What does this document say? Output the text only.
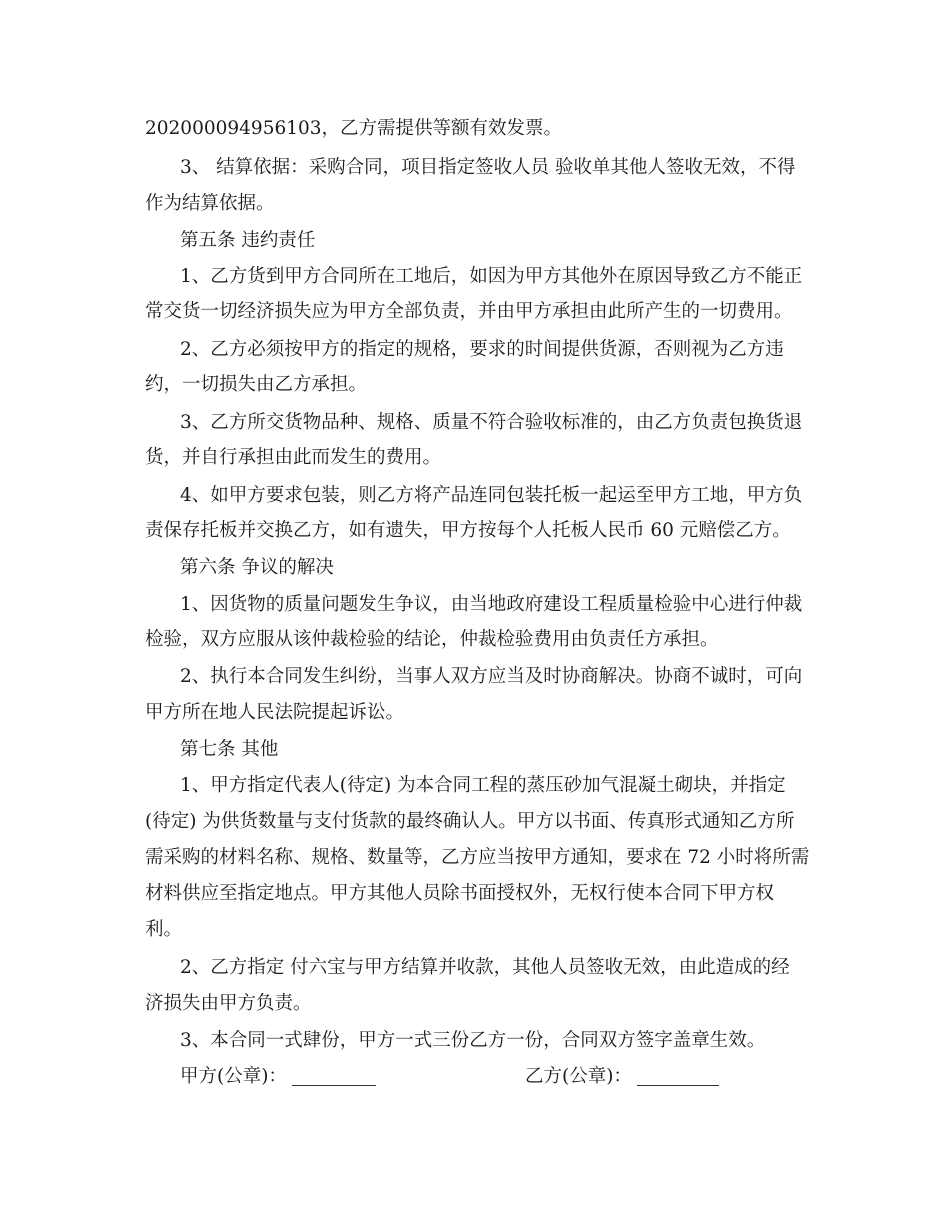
202000094956103，乙方需提供等额有效发票。
3、 结算依据：采购合同，项目指定签收人员 验收单其他人签收无效，不得
作为结算依据。
第五条 违约责任
1、乙方货到甲方合同所在工地后，如因为甲方其他外在原因导致乙方不能正
常交货一切经济损失应为甲方全部负责，并由甲方承担由此所产生的一切费用。
2、乙方必须按甲方的指定的规格，要求的时间提供货源，否则视为乙方违
约，一切损失由乙方承担。
3、乙方所交货物品种、规格、质量不符合验收标准的，由乙方负责包换货退
货，并自行承担由此而发生的费用。
4、如甲方要求包装，则乙方将产品连同包装托板一起运至甲方工地，甲方负
责保存托板并交换乙方，如有遗失，甲方按每个人托板人民币 60 元赔偿乙方。
第六条 争议的解决
1、因货物的质量问题发生争议，由当地政府建设工程质量检验中心进行仲裁
检验，双方应服从该仲裁检验的结论，仲裁检验费用由负责任方承担。
2、执行本合同发生纠纷，当事人双方应当及时协商解决。协商不诚时，可向
甲方所在地人民法院提起诉讼。
第七条 其他
1、甲方指定代表人(待定) 为本合同工程的蒸压砂加气混凝土砌块，并指定
(待定) 为供货数量与支付货款的最终确认人。甲方以书面、传真形式通知乙方所
需采购的材料名称、规格、数量等，乙方应当按甲方通知，要求在 72 小时将所需
材料供应至指定地点。甲方其他人员除书面授权外，无权行使本合同下甲方权
利。
2、乙方指定 付六宝与甲方结算并收款，其他人员签收无效，由此造成的经
济损失由甲方负责。
3、本合同一式肆份，甲方一式三份乙方一份，合同双方签字盖章生效。
甲方(公章)：	乙方(公章)：
